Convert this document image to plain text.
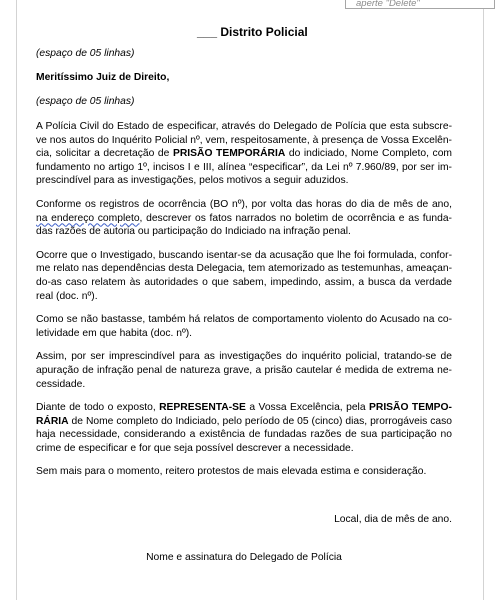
aperte "Delete"
___ Distrito Policial
(espaço de 05 linhas)
Meritíssimo Juiz de Direito,
(espaço de 05 linhas)
A Polícia Civil do Estado de especificar, através do Delegado de Polícia que esta subscre-
ve nos autos do Inquérito Policial nº, vem, respeitosamente, à presença de Vossa Excelên-
cia, solicitar a decretação de PRISÃO TEMPORÁRIA do indiciado, Nome Completo, com
fundamento no artigo 1º, incisos I e III, alínea “especificar”, da Lei nº 7.960/89, por ser im-
prescindível para as investigações, pelos motivos a seguir aduzidos.
Conforme os registros de ocorrência (BO nº), por volta das horas do dia de mês de ano,
na endereço completo, descrever os fatos narrados no boletim de ocorrência e as funda-
das razões de autoria ou participação do Indiciado na infração penal.
Ocorre que o Investigado, buscando isentar-se da acusação que lhe foi formulada, confor-
me relato nas dependências desta Delegacia, tem atemorizado as testemunhas, ameaçan-
do-as caso relatem às autoridades o que sabem, impedindo, assim, a busca da verdade
real (doc. nº).
Como se não bastasse, também há relatos de comportamento violento do Acusado na co-
letividade em que habita (doc. nº).
Assim, por ser imprescindível para as investigações do inquérito policial, tratando-se de
apuração de infração penal de natureza grave, a prisão cautelar é medida de extrema ne-
cessidade.
Diante de todo o exposto, REPRESENTA-SE a Vossa Excelência, pela PRISÃO TEMPO-
RÁRIA de Nome completo do Indiciado, pelo período de 05 (cinco) dias, prorrogáveis caso
haja necessidade, considerando a existência de fundadas razões de sua participação no
crime de especificar e for que seja possível descrever a necessidade.
Sem mais para o momento, reitero protestos de mais elevada estima e consideração.
Local, dia de mês de ano.
Nome e assinatura do Delegado de Polícia
